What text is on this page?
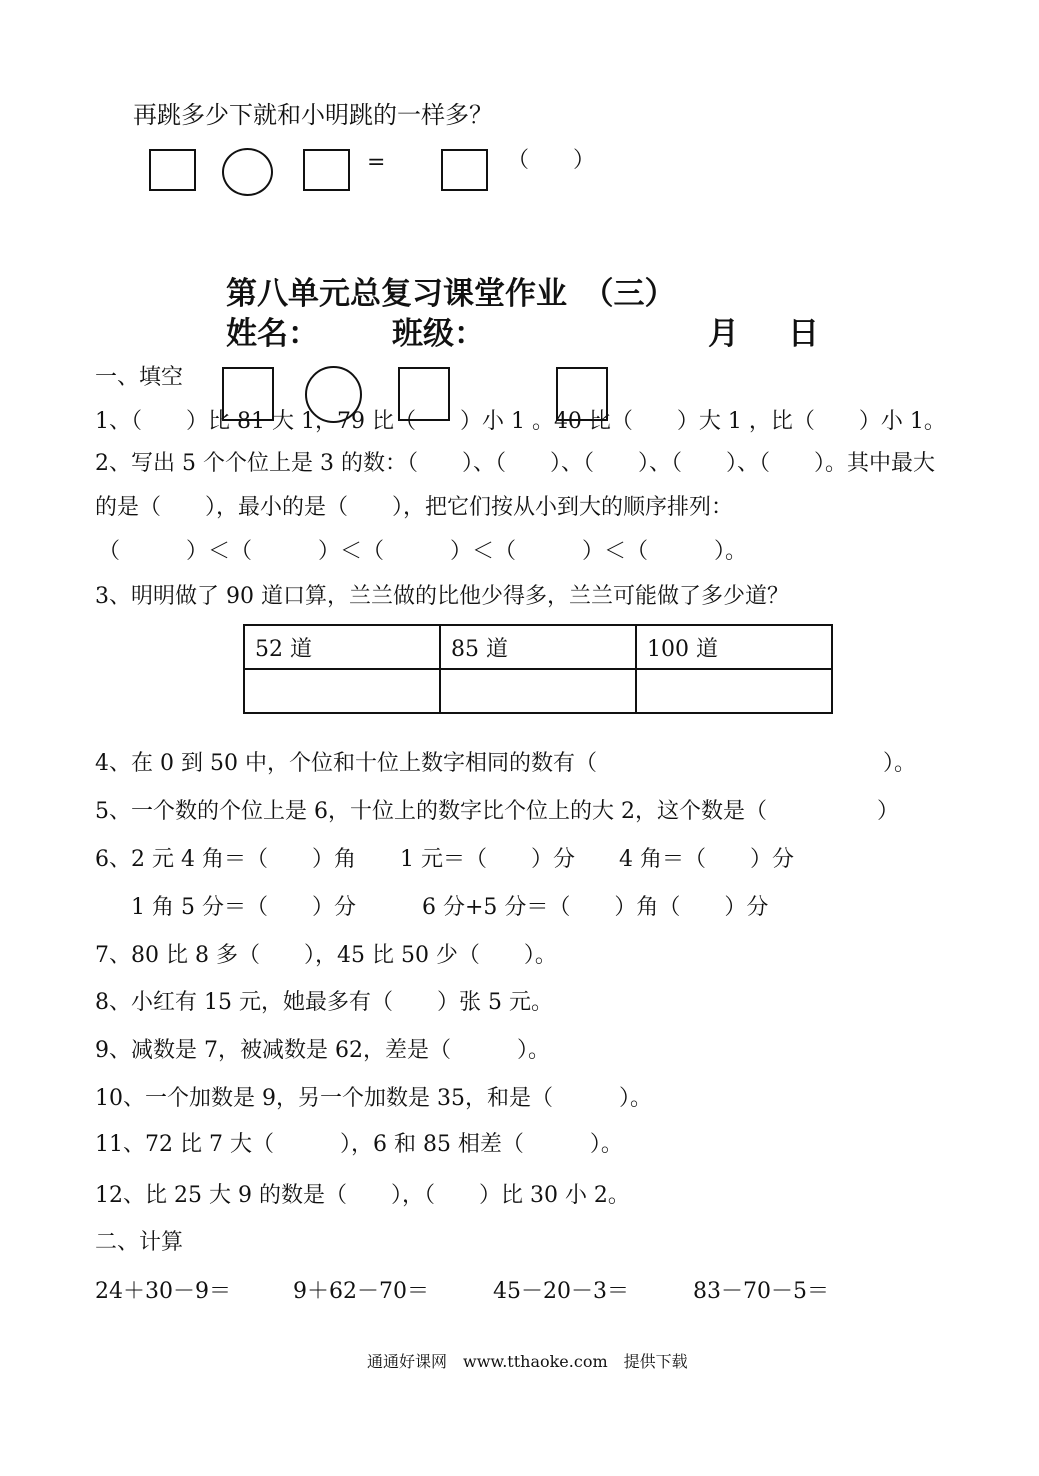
再跳多少下就和小明跳的一样多？
=	（　　）
第八单元总复习课堂作业　（三）
姓名： 班级：	月 日
一、填空
1、（　　）比 81 大 1，79 比（　　）小 1 。40 比（　　）大 1 ，比（　　）小 1。
2、写出 5 个个位上是 3 的数：（　　）、（　　）、（　　）、（　　）、（　　）。其中最大
的是（　　），最小的是（　　），把它们按从小到大的顺序排列：
（　　　）＜（　　　）＜（　　　）＜（　　　）＜（　　　）。
3、明明做了 90 道口算，兰兰做的比他少得多，兰兰可能做了多少道？
52 道	85 道	100 道

4、在 0 到 50 中，个位和十位上数字相同的数有（　　　　　　　　　　　　　）。
5、一个数的个位上是 6，十位上的数字比个位上的大 2，这个数是（　　　　　）
6、2 元 4 角＝（　　）角　　1 元＝（　　）分　　4 角＝（　　）分
1 角 5 分＝（　　）分　　　6 分+5 分＝（　　）角（　　）分
7、80 比 8 多（　　），45 比 50 少（　　）。
8、小红有 15 元，她最多有（　　）张 5 元。
9、减数是 7，被减数是 62，差是（　　　）。
10、一个加数是 9，另一个加数是 35，和是（　　　）。
11、72 比 7 大（　　　），6 和 85 相差（　　　）。
12、比 25 大 9 的数是（　　），（　　）比 30 小 2。
二、计算
24＋30－9＝	9＋62－70＝	45－20－3＝	83－70－5＝
通通好课网　www.tthaoke.com　提供下载
